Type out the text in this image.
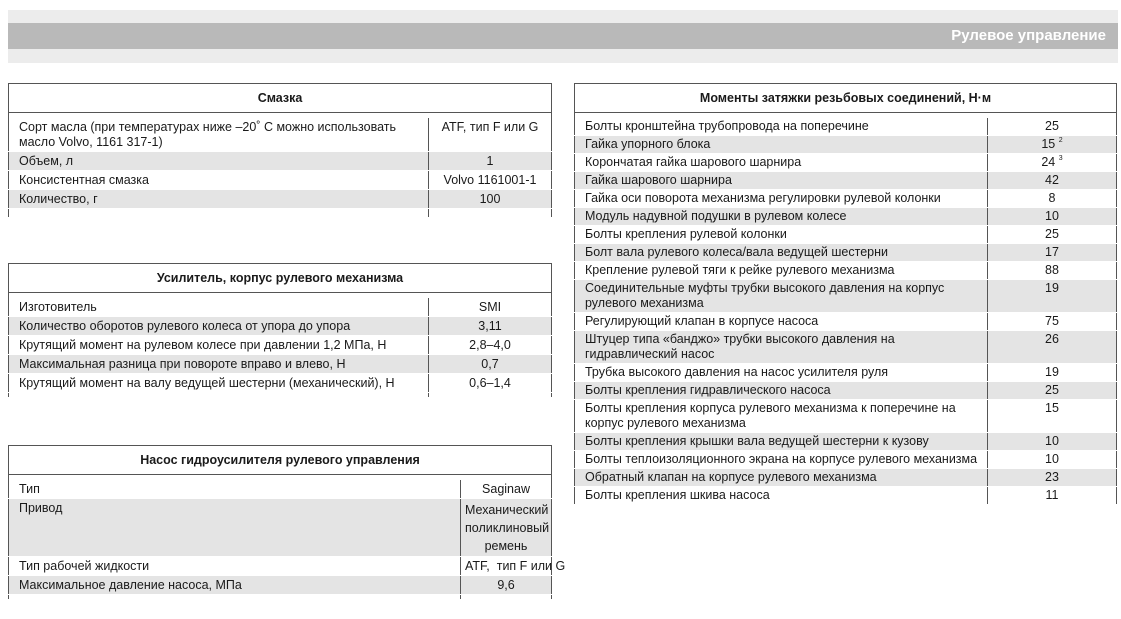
Рулевое управление
Смазка	

Сорт масла (при температурах ниже –20˚ С можно использовать масло Volvo, 1161 317-1)	ATF, тип F или G
Объем, л	1
Консистентная смазка	Volvo 1161001-1
Количество, г	100

Усилитель, корпус рулевого механизма	

Изготовитель	SMI
Количество оборотов рулевого колеса от упора до упора	3,11
Крутящий момент на рулевом колесе при давлении 1,2 МПа, Н	2,8–4,0
Максимальная разница при повороте вправо и влево, Н	0,7
Крутящий момент на валу ведущей шестерни (механический), Н	0,6–1,4

Насос гидроусилителя рулевого управления	

Тип	Saginaw
Привод	Механический поликлиновый ремень
Тип рабочей жидкости	ATF,  тип F или G
Максимальное давление насоса, МПа	9,6

Моменты затяжки резьбовых соединений, Н·м	

Болты кронштейна трубопровода на поперечине	25
Гайка упорного блока	15 $^2$
Корончатая гайка шарового шарнира	24 $^3$
Гайка шарового шарнира	42
Гайка оси поворота механизма регулировки рулевой колонки	8
Модуль надувной подушки в рулевом колесе	10
Болты крепления рулевой колонки	25
Болт вала рулевого колеса/вала ведущей шестерни	17
Крепление рулевой тяги к рейке рулевого механизма	88
Соединительные муфты трубки высокого давления на корпус рулевого механизма	19
Регулирующий клапан в корпусе насоса	75
Штуцер типа «банджо» трубки высокого давления на гидравлический насос	26
Трубка высокого давления на насос усилителя руля	19
Болты крепления гидравлического насоса	25
Болты крепления корпуса рулевого механизма к поперечине на корпус рулевого механизма	15
Болты крепления крышки вала ведущей шестерни к кузову	10
Болты теплоизоляционного экрана на корпусе рулевого механизма	10
Обратный клапан на корпусе рулевого механизма	23
Болты крепления шкива насоса	11
